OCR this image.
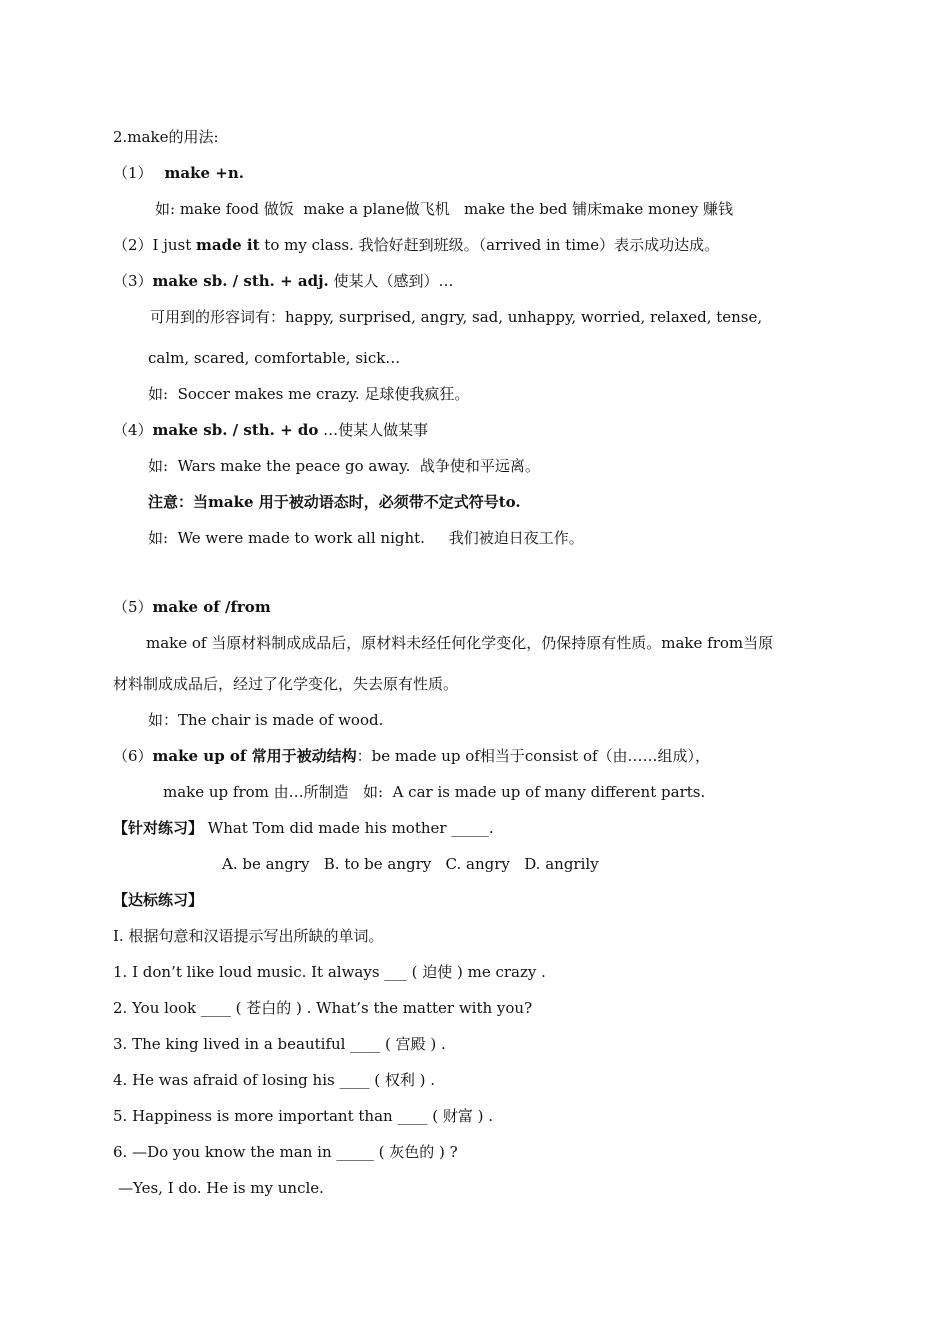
2.make的用法:
（1） make +n.
如: make food 做饭  make a plane做飞机   make the bed 铺床make money 赚钱
（2）I just made it to my class. 我恰好赶到班级。（arrived in time）表示成功达成。
（3）make sb. / sth. + adj. 使某人（感到）…
可用到的形容词有：happy, surprised, angry, sad, unhappy, worried, relaxed, tense,
calm, scared, comfortable, sick…
如:  Soccer makes me crazy. 足球使我疯狂。
（4）make sb. / sth. + do …使某人做某事
如:  Wars make the peace go away.  战争使和平远离。
注意：当make 用于被动语态时，必须带不定式符号to.
如:  We were made to work all night.     我们被迫日夜工作。
（5）make of /from
make of 当原材料制成成品后，原材料未经任何化学变化，仍保持原有性质。make from当原
材料制成成品后，经过了化学变化，失去原有性质。
如：The chair is made of wood.
（6）make up of 常用于被动结构：be made up of相当于consist of（由……组成），
make up from 由…所制造   如:  A car is made up of many different parts.
【针对练习】 What Tom did made his mother _____.
A. be angry   B. to be angry   C. angry   D. angrily
【达标练习】
I. 根据句意和汉语提示写出所缺的单词。
1. I don’t like loud music. It always ___ ( 迫使 ) me crazy .
2. You look ____ ( 苍白的 ) . What’s the matter with you?
3. The king lived in a beautiful ____ ( 宫殿 ) .
4. He was afraid of losing his ____ ( 权利 ) .
5. Happiness is more important than ____ ( 财富 ) .
6. —Do you know the man in _____ ( 灰色的 ) ?
—Yes, I do. He is my uncle.
